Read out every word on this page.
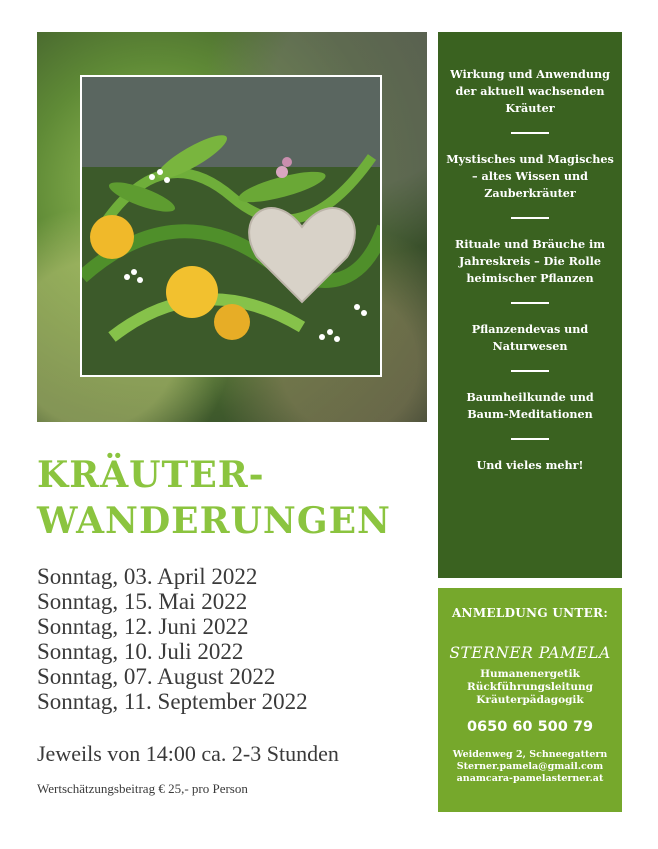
KRÄUTER-
WANDERUNGEN
Sonntag, 03. April 2022
Sonntag, 15. Mai 2022
Sonntag, 12. Juni 2022
Sonntag, 10. Juli 2022
Sonntag, 07. August 2022
Sonntag, 11. September 2022
Jeweils von 14:00 ca. 2-3 Stunden
Wertschätzungsbeitrag € 25,- pro Person
Wirkung und Anwendung der aktuell wachsenden Kräuter
Mystisches und Magisches – altes Wissen und Zauberkräuter
Rituale und Bräuche im Jahreskreis – Die Rolle heimischer Pflanzen
Pflanzendevas und Naturwesen
Baumheilkunde und Baum-Meditationen
Und vieles mehr!
ANMELDUNG UNTER:
STERNER PAMELA
Humanenergetik
Rückführungsleitung
Kräuterpädagogik
0650 60 500 79
Weidenweg 2, Schneegattern
Sterner.pamela@gmail.com
anamcara-pamelasterner.at
